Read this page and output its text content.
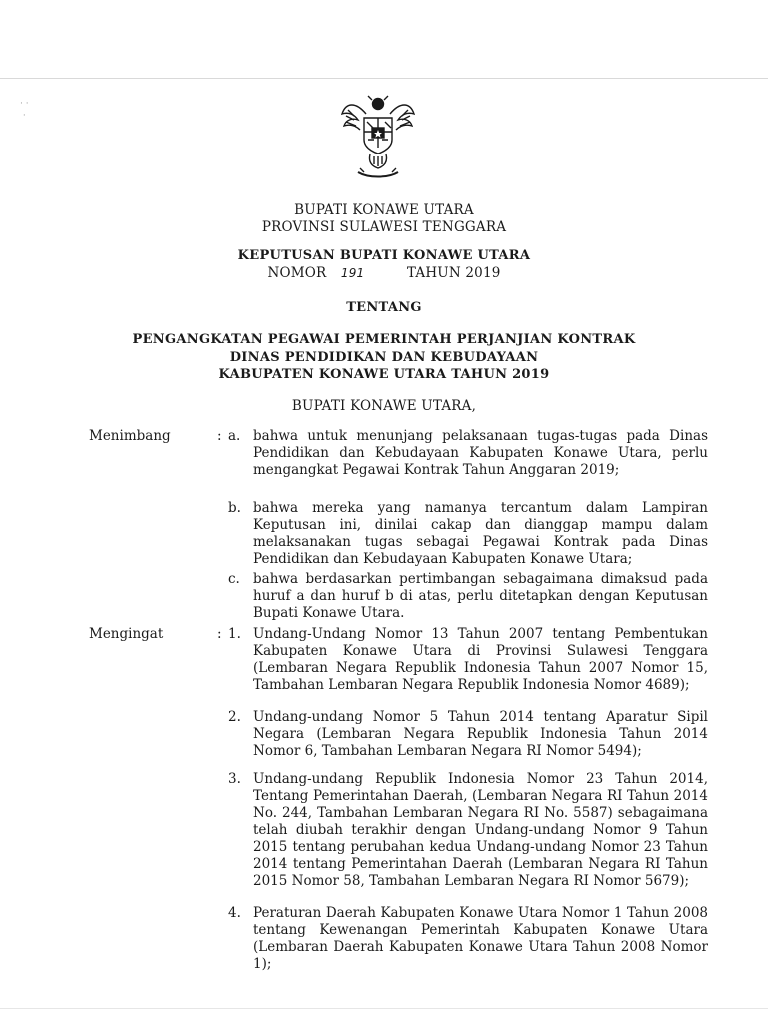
· ·
·
BUPATI KONAWE UTARA
PROVINSI SULAWESI TENGGARA
KEPUTUSAN BUPATI KONAWE UTARA
NOMOR 191	TAHUN 2019
TENTANG
PENGANGKATAN PEGAWAI PEMERINTAH PERJANJIAN KONTRAK
DINAS PENDIDIKAN DAN KEBUDAYAAN
KABUPATEN KONAWE UTARA TAHUN 2019
BUPATI KONAWE UTARA,
Menimbang	: a. bahwa untuk menunjang pelaksanaan tugas-tugas pada Dinas Pendidikan dan Kebudayaan Kabupaten Konawe Utara, perlu mengangkat Pegawai Kontrak Tahun Anggaran 2019;
b. bahwa mereka yang namanya tercantum dalam Lampiran Keputusan ini, dinilai cakap dan dianggap mampu dalam melaksanakan tugas sebagai Pegawai Kontrak pada Dinas Pendidikan dan Kebudayaan Kabupaten Konawe Utara;
c. bahwa berdasarkan pertimbangan sebagaimana dimaksud pada huruf a dan huruf b di atas, perlu ditetapkan dengan Keputusan Bupati Konawe Utara.
Mengingat	: 1. Undang-Undang Nomor 13 Tahun 2007 tentang Pembentukan Kabupaten Konawe Utara di Provinsi Sulawesi Tenggara (Lembaran Negara Republik Indonesia Tahun 2007 Nomor 15, Tambahan Lembaran Negara Republik Indonesia Nomor 4689);
2. Undang-undang Nomor 5 Tahun 2014 tentang Aparatur Sipil Negara (Lembaran Negara Republik Indonesia Tahun 2014 Nomor 6, Tambahan Lembaran Negara RI Nomor 5494);
3. Undang-undang Republik Indonesia Nomor 23 Tahun 2014, Tentang Pemerintahan Daerah, (Lembaran Negara RI Tahun 2014 No. 244, Tambahan Lembaran Negara RI No. 5587) sebagaimana telah diubah terakhir dengan Undang-undang Nomor 9 Tahun 2015 tentang perubahan kedua Undang-undang Nomor 23 Tahun 2014 tentang Pemerintahan Daerah (Lembaran Negara RI Tahun 2015 Nomor 58, Tambahan Lembaran Negara RI Nomor 5679);
4. Peraturan Daerah Kabupaten Konawe Utara Nomor 1 Tahun 2008 tentang Kewenangan Pemerintah Kabupaten Konawe Utara (Lembaran Daerah Kabupaten Konawe Utara Tahun 2008 Nomor 1);
